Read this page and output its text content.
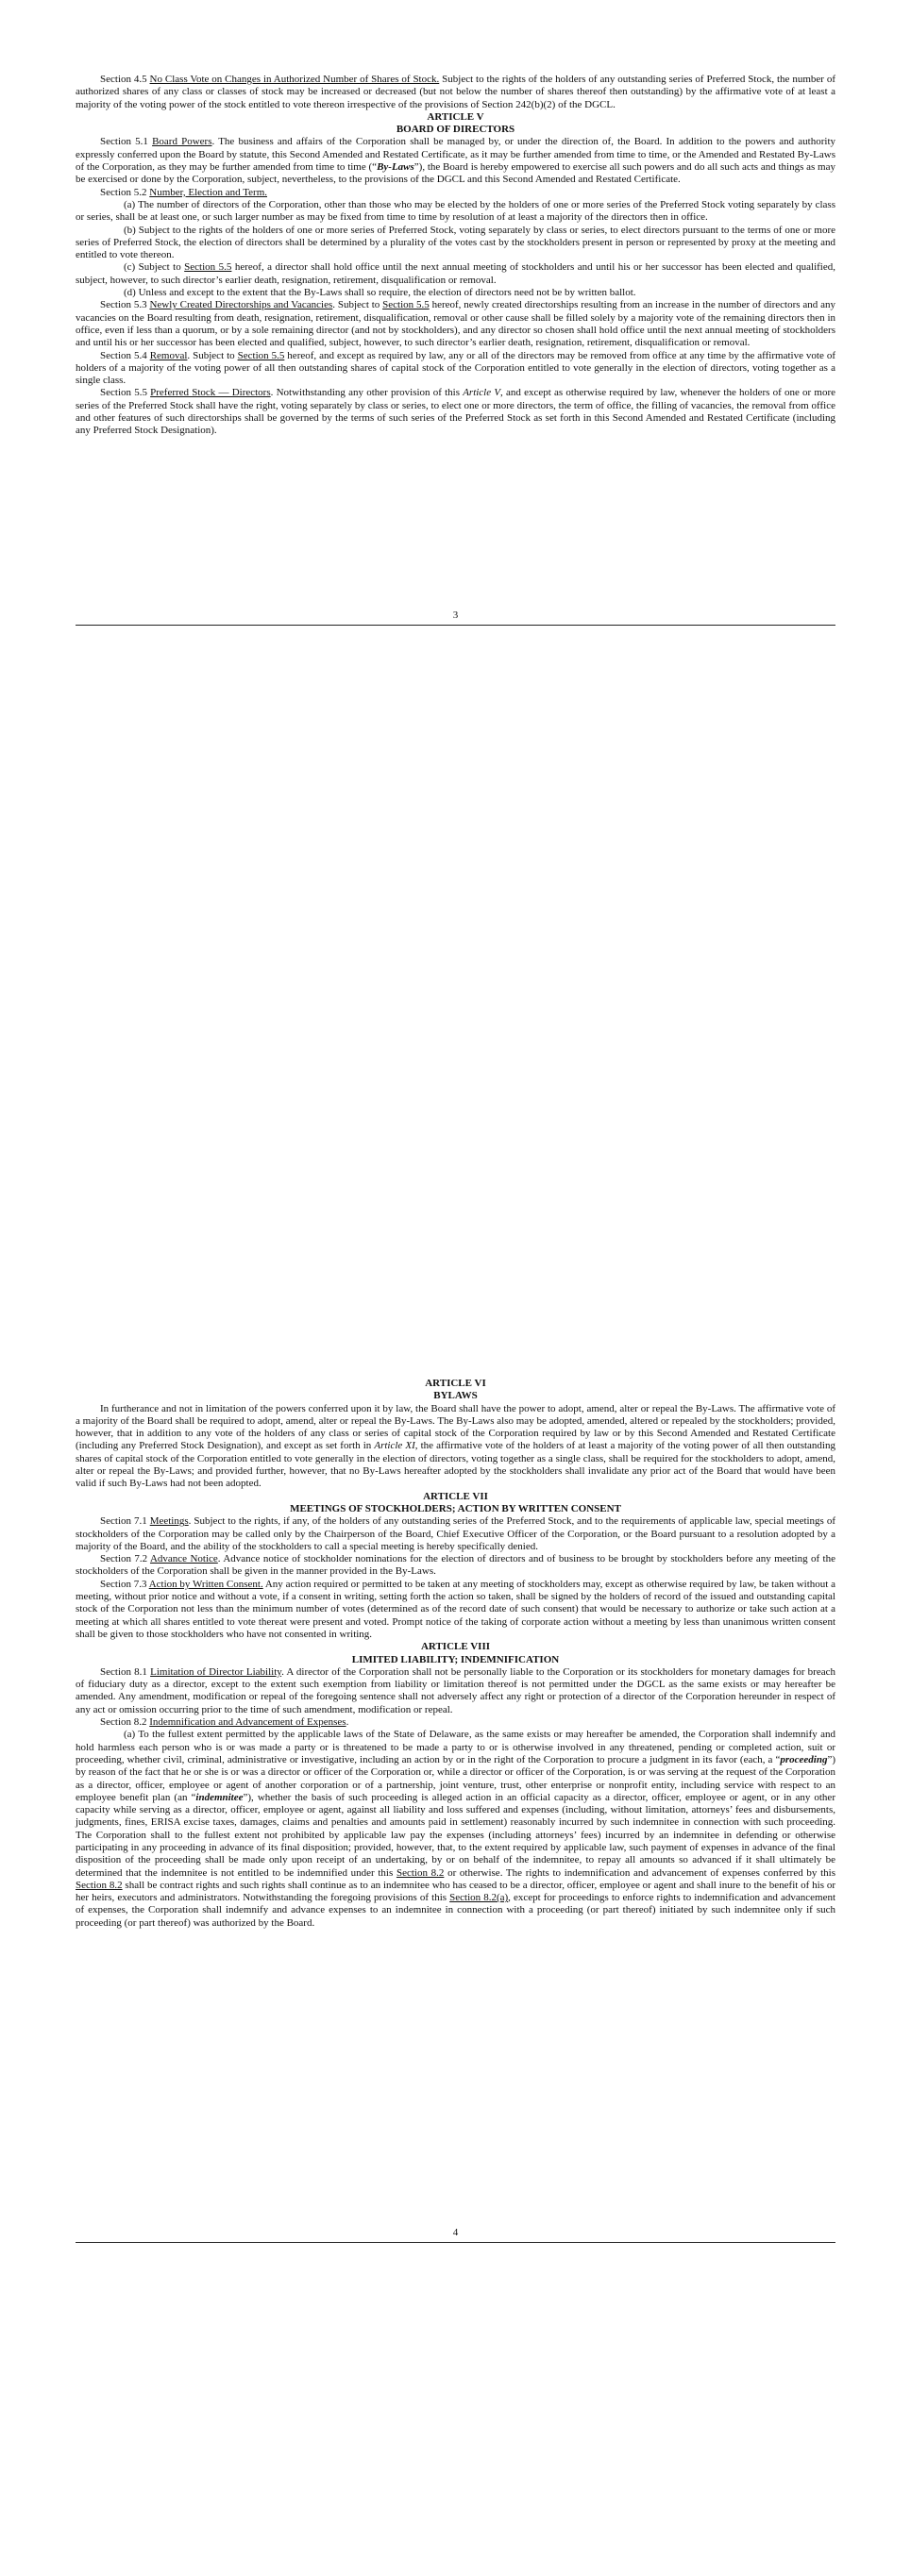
Section 4.5 No Class Vote on Changes in Authorized Number of Shares of Stock. Subject to the rights of the holders of any outstanding series of Preferred Stock, the number of authorized shares of any class or classes of stock may be increased or decreased (but not below the number of shares thereof then outstanding) by the affirmative vote of at least a majority of the voting power of the stock entitled to vote thereon irrespective of the provisions of Section 242(b)(2) of the DGCL.

ARTICLE V

BOARD OF DIRECTORS

Section 5.1 Board Powers. The business and affairs of the Corporation shall be managed by, or under the direction of, the Board. In addition to the powers and authority expressly conferred upon the Board by statute, this Second Amended and Restated Certificate, as it may be further amended from time to time, or the Amended and Restated By-Laws of the Corporation, as they may be further amended from time to time (“By-Laws”), the Board is hereby empowered to exercise all such powers and do all such acts and things as may be exercised or done by the Corporation, subject, nevertheless, to the provisions of the DGCL and this Second Amended and Restated Certificate.

Section 5.2 Number, Election and Term.

(a) The number of directors of the Corporation, other than those who may be elected by the holders of one or more series of the Preferred Stock voting separately by class or series, shall be at least one, or such larger number as may be fixed from time to time by resolution of at least a majority of the directors then in office.

(b) Subject to the rights of the holders of one or more series of Preferred Stock, voting separately by class or series, to elect directors pursuant to the terms of one or more series of Preferred Stock, the election of directors shall be determined by a plurality of the votes cast by the stockholders present in person or represented by proxy at the meeting and entitled to vote thereon.

(c) Subject to Section 5.5 hereof, a director shall hold office until the next annual meeting of stockholders and until his or her successor has been elected and qualified, subject, however, to such director’s earlier death, resignation, retirement, disqualification or removal.

(d) Unless and except to the extent that the By-Laws shall so require, the election of directors need not be by written ballot.

Section 5.3 Newly Created Directorships and Vacancies. Subject to Section 5.5 hereof, newly created directorships resulting from an increase in the number of directors and any vacancies on the Board resulting from death, resignation, retirement, disqualification, removal or other cause shall be filled solely by a majority vote of the remaining directors then in office, even if less than a quorum, or by a sole remaining director (and not by stockholders), and any director so chosen shall hold office until the next annual meeting of stockholders and until his or her successor has been elected and qualified, subject, however, to such director’s earlier death, resignation, retirement, disqualification or removal.

Section 5.4 Removal. Subject to Section 5.5 hereof, and except as required by law, any or all of the directors may be removed from office at any time by the affirmative vote of holders of a majority of the voting power of all then outstanding shares of capital stock of the Corporation entitled to vote generally in the election of directors, voting together as a single class.

Section 5.5 Preferred Stock — Directors. Notwithstanding any other provision of this Article V, and except as otherwise required by law, whenever the holders of one or more series of the Preferred Stock shall have the right, voting separately by class or series, to elect one or more directors, the term of office, the filling of vacancies, the removal from office and other features of such directorships shall be governed by the terms of such series of the Preferred Stock as set forth in this Second Amended and Restated Certificate (including any Preferred Stock Designation).

3

ARTICLE VI

BYLAWS

In furtherance and not in limitation of the powers conferred upon it by law, the Board shall have the power to adopt, amend, alter or repeal the By-Laws. The affirmative vote of a majority of the Board shall be required to adopt, amend, alter or repeal the By-Laws. The By-Laws also may be adopted, amended, altered or repealed by the stockholders; provided, however, that in addition to any vote of the holders of any class or series of capital stock of the Corporation required by law or by this Second Amended and Restated Certificate (including any Preferred Stock Designation), and except as set forth in Article XI, the affirmative vote of the holders of at least a majority of the voting power of all then outstanding shares of capital stock of the Corporation entitled to vote generally in the election of directors, voting together as a single class, shall be required for the stockholders to adopt, amend, alter or repeal the By-Laws; and provided further, however, that no By-Laws hereafter adopted by the stockholders shall invalidate any prior act of the Board that would have been valid if such By-Laws had not been adopted.

ARTICLE VII

MEETINGS OF STOCKHOLDERS; ACTION BY WRITTEN CONSENT

Section 7.1 Meetings. Subject to the rights, if any, of the holders of any outstanding series of the Preferred Stock, and to the requirements of applicable law, special meetings of stockholders of the Corporation may be called only by the Chairperson of the Board, Chief Executive Officer of the Corporation, or the Board pursuant to a resolution adopted by a majority of the Board, and the ability of the stockholders to call a special meeting is hereby specifically denied.

Section 7.2 Advance Notice. Advance notice of stockholder nominations for the election of directors and of business to be brought by stockholders before any meeting of the stockholders of the Corporation shall be given in the manner provided in the By-Laws.

Section 7.3 Action by Written Consent. Any action required or permitted to be taken at any meeting of stockholders may, except as otherwise required by law, be taken without a meeting, without prior notice and without a vote, if a consent in writing, setting forth the action so taken, shall be signed by the holders of record of the issued and outstanding capital stock of the Corporation not less than the minimum number of votes (determined as of the record date of such consent) that would be necessary to authorize or take such action at a meeting at which all shares entitled to vote thereat were present and voted. Prompt notice of the taking of corporate action without a meeting by less than unanimous written consent shall be given to those stockholders who have not consented in writing.

ARTICLE VIII

LIMITED LIABILITY; INDEMNIFICATION

Section 8.1 Limitation of Director Liability. A director of the Corporation shall not be personally liable to the Corporation or its stockholders for monetary damages for breach of fiduciary duty as a director, except to the extent such exemption from liability or limitation thereof is not permitted under the DGCL as the same exists or may hereafter be amended. Any amendment, modification or repeal of the foregoing sentence shall not adversely affect any right or protection of a director of the Corporation hereunder in respect of any act or omission occurring prior to the time of such amendment, modification or repeal.

Section 8.2 Indemnification and Advancement of Expenses.

(a) To the fullest extent permitted by the applicable laws of the State of Delaware, as the same exists or may hereafter be amended, the Corporation shall indemnify and hold harmless each person who is or was made a party or is threatened to be made a party to or is otherwise involved in any threatened, pending or completed action, suit or proceeding, whether civil, criminal, administrative or investigative, including an action by or in the right of the Corporation to procure a judgment in its favor (each, a “proceeding”) by reason of the fact that he or she is or was a director or officer of the Corporation or, while a director or officer of the Corporation, is or was serving at the request of the Corporation as a director, officer, employee or agent of another corporation or of a partnership, joint venture, trust, other enterprise or nonprofit entity, including service with respect to an employee benefit plan (an “indemnitee”), whether the basis of such proceeding is alleged action in an official capacity as a director, officer, employee or agent, or in any other capacity while serving as a director, officer, employee or agent, against all liability and loss suffered and expenses (including, without limitation, attorneys’ fees and disbursements, judgments, fines, ERISA excise taxes, damages, claims and penalties and amounts paid in settlement) reasonably incurred by such indemnitee in connection with such proceeding. The Corporation shall to the fullest extent not prohibited by applicable law pay the expenses (including attorneys’ fees) incurred by an indemnitee in defending or otherwise participating in any proceeding in advance of its final disposition; provided, however, that, to the extent required by applicable law, such payment of expenses in advance of the final disposition of the proceeding shall be made only upon receipt of an undertaking, by or on behalf of the indemnitee, to repay all amounts so advanced if it shall ultimately be determined that the indemnitee is not entitled to be indemnified under this Section 8.2 or otherwise. The rights to indemnification and advancement of expenses conferred by this Section 8.2 shall be contract rights and such rights shall continue as to an indemnitee who has ceased to be a director, officer, employee or agent and shall inure to the benefit of his or her heirs, executors and administrators. Notwithstanding the foregoing provisions of this Section 8.2(a), except for proceedings to enforce rights to indemnification and advancement of expenses, the Corporation shall indemnify and advance expenses to an indemnitee in connection with a proceeding (or part thereof) initiated by such indemnitee only if such proceeding (or part thereof) was authorized by the Board.

4
